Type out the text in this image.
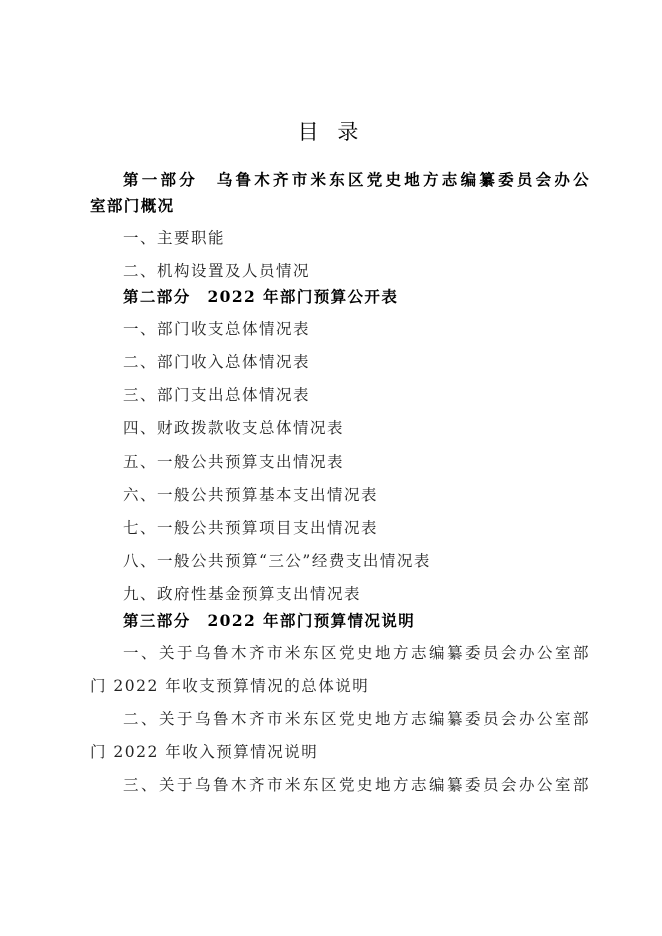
目 录
第一部分　乌鲁木齐市米东区党史地方志编纂委员会办公
室部门概况
一、主要职能
二、机构设置及人员情况
第二部分　2022 年部门预算公开表
一、部门收支总体情况表
二、部门收入总体情况表
三、部门支出总体情况表
四、财政拨款收支总体情况表
五、一般公共预算支出情况表
六、一般公共预算基本支出情况表
七、一般公共预算项目支出情况表
八、一般公共预算“三公”经费支出情况表
九、政府性基金预算支出情况表
第三部分　2022 年部门预算情况说明
一、关于乌鲁木齐市米东区党史地方志编纂委员会办公室部
门 2022 年收支预算情况的总体说明
二、关于乌鲁木齐市米东区党史地方志编纂委员会办公室部
门 2022 年收入预算情况说明
三、关于乌鲁木齐市米东区党史地方志编纂委员会办公室部
